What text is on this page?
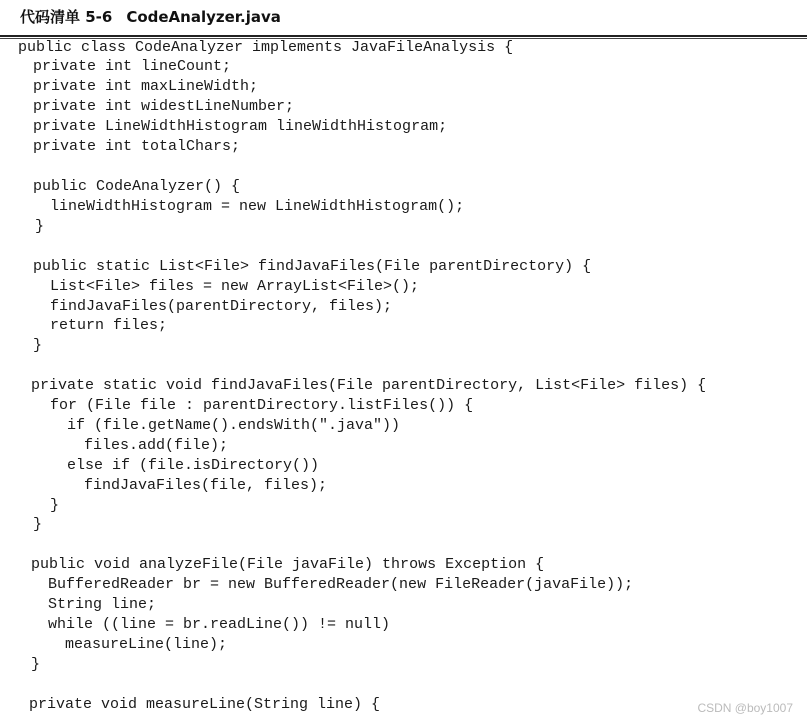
代码清单 5-6 CodeAnalyzer.java
public class CodeAnalyzer implements JavaFileAnalysis {
private int lineCount;
private int maxLineWidth;
private int widestLineNumber;
private LineWidthHistogram lineWidthHistogram;
private int totalChars;
public CodeAnalyzer() {
lineWidthHistogram = new LineWidthHistogram();
}
public static List<File> findJavaFiles(File parentDirectory) {
List<File> files = new ArrayList<File>();
findJavaFiles(parentDirectory, files);
return files;
}
private static void findJavaFiles(File parentDirectory, List<File> files) {
for (File file : parentDirectory.listFiles()) {
if (file.getName().endsWith(".java"))
files.add(file);
else if (file.isDirectory())
findJavaFiles(file, files);
}
}
public void analyzeFile(File javaFile) throws Exception {
BufferedReader br = new BufferedReader(new FileReader(javaFile));
String line;
while ((line = br.readLine()) != null)
measureLine(line);
}
private void measureLine(String line) {	CSDN @boy1007
